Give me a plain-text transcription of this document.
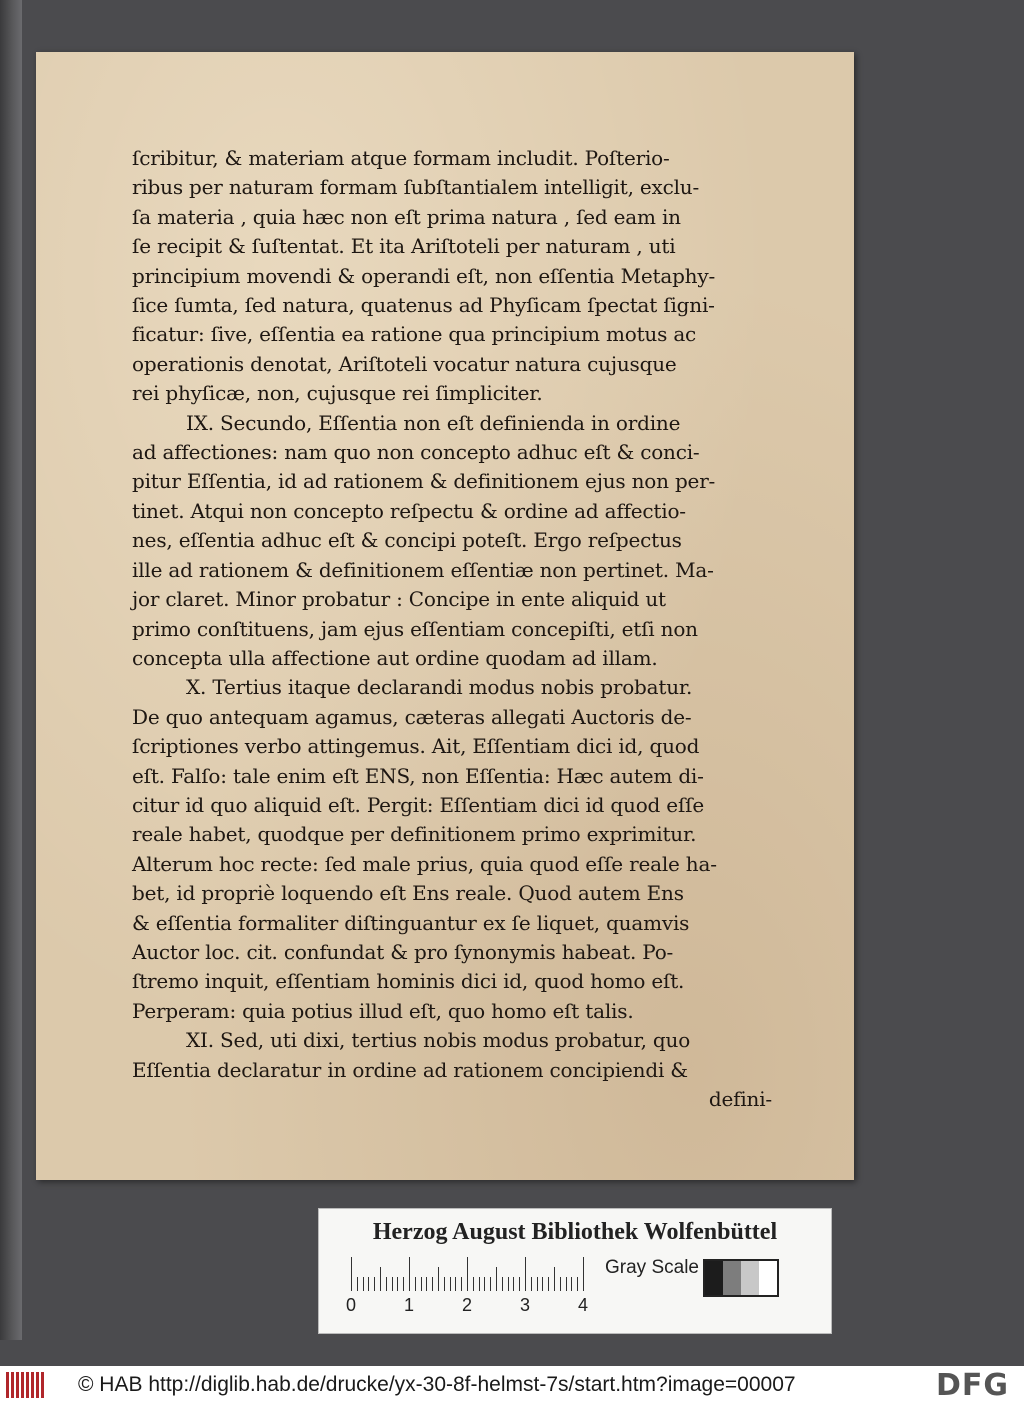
ſcribitur, & materiam atque formam includit. Poſterio-
ribus per naturam formam ſubſtantialem intelligit, exclu-
ſa materia , quia hæc non eſt prima natura , ſed eam in
ſe recipit & ſuſtentat. Et ita Ariſtoteli per naturam , uti
principium movendi & operandi eſt, non eſſentia Metaphy-
ſice ſumta, ſed natura, quatenus ad Phyſicam ſpectat ſigni-
ficatur: ſive, eſſentia ea ratione qua principium motus ac
operationis denotat, Ariſtoteli vocatur natura cujusque
rei phyſicæ, non, cujusque rei ſimpliciter.
IX. Secundo, Eſſentia non eſt definienda in ordine
ad affectiones: nam quo non concepto adhuc eſt & conci-
pitur Eſſentia, id ad rationem & definitionem ejus non per-
tinet. Atqui non concepto reſpectu & ordine ad affectio-
nes, eſſentia adhuc eſt & concipi poteſt. Ergo reſpectus
ille ad rationem & definitionem eſſentiæ non pertinet. Ma-
jor claret. Minor probatur : Concipe in ente aliquid ut
primo conſtituens, jam ejus eſſentiam concepiſti, etſi non
concepta ulla affectione aut ordine quodam ad illam.
X. Tertius itaque declarandi modus nobis probatur.
De quo antequam agamus, cæteras allegati Auctoris de-
ſcriptiones verbo attingemus. Ait, Eſſentiam dici id, quod
eſt. Falſo: tale enim eſt ENS, non Eſſentia: Hæc autem di-
citur id quo aliquid eſt. Pergit: Eſſentiam dici id quod eſſe
reale habet, quodque per definitionem primo exprimitur.
Alterum hoc recte: ſed male prius, quia quod eſſe reale ha-
bet, id propriè loquendo eſt Ens reale. Quod autem Ens
& eſſentia formaliter diſtinguantur ex ſe liquet, quamvis
Auctor loc. cit. confundat & pro ſynonymis habeat. Po-
ſtremo inquit, eſſentiam hominis dici id, quod homo eſt.
Perperam: quia potius illud eſt, quo homo eſt talis.
XI. Sed, uti dixi, tertius nobis modus probatur, quo
Eſſentia declaratur in ordine ad rationem concipiendi &
defini-
Herzog August Bibliothek Wolfenbüttel
Gray Scale
0	1	2	3	4
© HAB http://diglib.hab.de/drucke/yx-30-8f-helmst-7s/start.htm?image=00007	DFG
